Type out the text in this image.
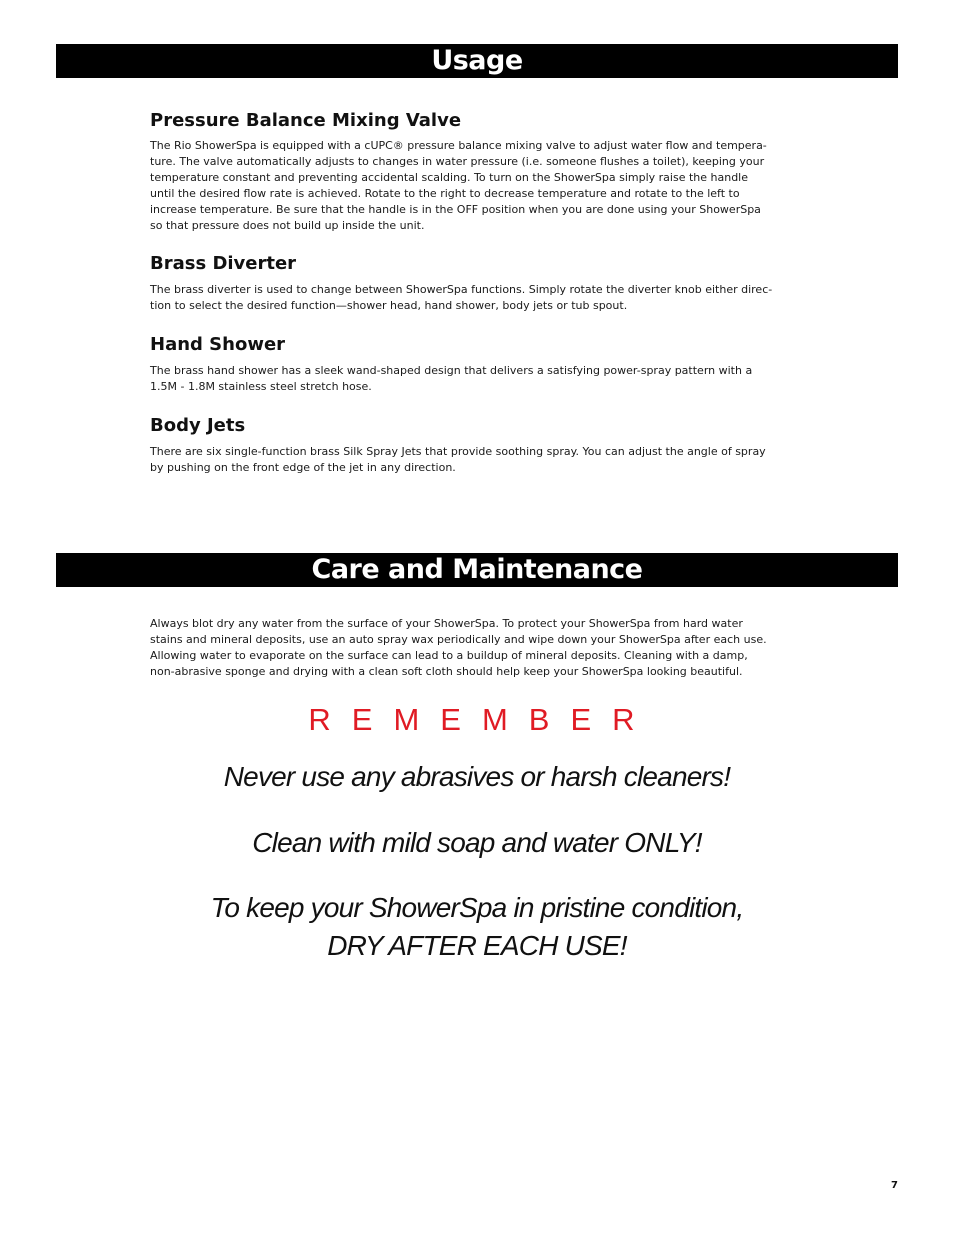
Usage
Pressure Balance Mixing Valve
The Rio ShowerSpa is equipped with a cUPC® pressure balance mixing valve to adjust water flow and tempera-
ture. The valve automatically adjusts to changes in water pressure (i.e. someone flushes a toilet), keeping your
temperature constant and preventing accidental scalding. To turn on the ShowerSpa simply raise the handle
until the desired flow rate is achieved. Rotate to the right to decrease temperature and rotate to the left to
increase temperature. Be sure that the handle is in the OFF position when you are done using your ShowerSpa
so that pressure does not build up inside the unit.
Brass Diverter
The brass diverter is used to change between ShowerSpa functions. Simply rotate the diverter knob either direc-
tion to select the desired function—shower head, hand shower, body jets or tub spout.
Hand Shower
The brass hand shower has a sleek wand-shaped design that delivers a satisfying power-spray pattern with a
1.5M - 1.8M stainless steel stretch hose.
Body Jets
There are six single-function brass Silk Spray Jets that provide soothing spray. You can adjust the angle of spray
by pushing on the front edge of the jet in any direction.
Care and Maintenance
Always blot dry any water from the surface of your ShowerSpa. To protect your ShowerSpa from hard water
stains and mineral deposits, use an auto spray wax periodically and wipe down your ShowerSpa after each use.
Allowing water to evaporate on the surface can lead to a buildup of mineral deposits. Cleaning with a damp,
non-abrasive sponge and drying with a clean soft cloth should help keep your ShowerSpa looking beautiful.
REMEMBER
Never use any abrasives or harsh cleaners!
Clean with mild soap and water ONLY!
To keep your ShowerSpa in pristine condition,
DRY AFTER EACH USE!
7
